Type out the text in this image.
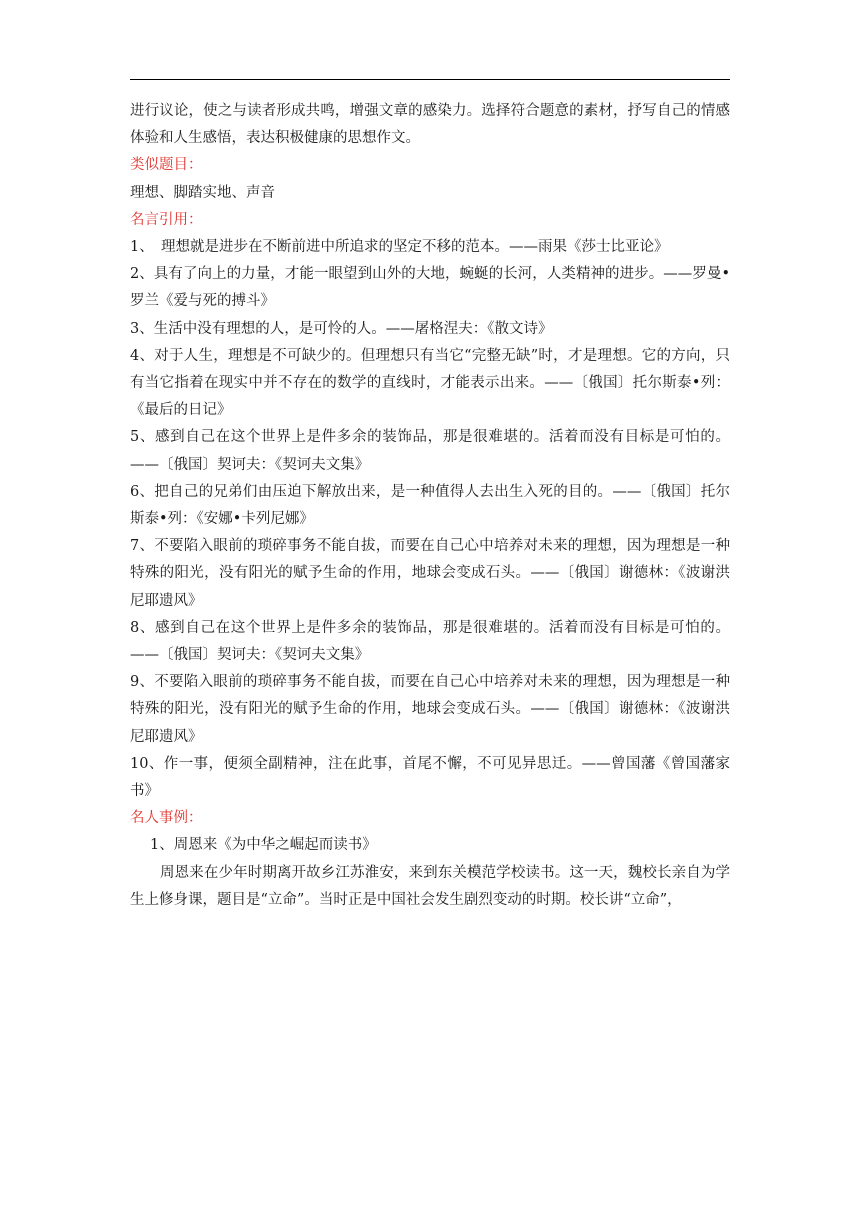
进行议论，使之与读者形成共鸣，增强文章的感染力。选择符合题意的素材，抒写自己的情感体验和人生感悟，表达积极健康的思想作文。

类似题目：

理想、脚踏实地、声音

名言引用：

1、　理想就是进步在不断前进中所追求的坚定不移的范本。——雨果《莎士比亚论》

2、具有了向上的力量，才能一眼望到山外的大地，蜿蜒的长河，人类精神的进步。——罗曼•罗兰《爱与死的搏斗》

3、生活中没有理想的人，是可怜的人。——屠格涅夫：《散文诗》

4、对于人生，理想是不可缺少的。但理想只有当它“完整无缺”时，才是理想。它的方向，只有当它指着在现实中并不存在的数学的直线时，才能表示出来。——〔俄国〕托尔斯泰•列：《最后的日记》

5、感到自己在这个世界上是件多余的装饰品，那是很难堪的。活着而没有目标是可怕的。——〔俄国〕契诃夫：《契诃夫文集》

6、把自己的兄弟们由压迫下解放出来，是一种值得人去出生入死的目的。——〔俄国〕托尔斯泰•列：《安娜•卡列尼娜》

7、不要陷入眼前的琐碎事务不能自拔，而要在自己心中培养对未来的理想，因为理想是一种特殊的阳光，没有阳光的赋予生命的作用，地球会变成石头。——〔俄国〕谢德林：《波谢洪尼耶遗风》

8、感到自己在这个世界上是件多余的装饰品，那是很难堪的。活着而没有目标是可怕的。——〔俄国〕契诃夫：《契诃夫文集》

9、不要陷入眼前的琐碎事务不能自拔，而要在自己心中培养对未来的理想，因为理想是一种特殊的阳光，没有阳光的赋予生命的作用，地球会变成石头。——〔俄国〕谢德林：《波谢洪尼耶遗风》

10、作一事，便须全副精神，注在此事，首尾不懈，不可见异思迁。——曾国藩《曾国藩家书》

名人事例：

1、周恩来《为中华之崛起而读书》

周恩来在少年时期离开故乡江苏淮安，来到东关模范学校读书。这一天，魏校长亲自为学生上修身课，题目是“立命”。当时正是中国社会发生剧烈变动的时期。校长讲“立命”，
